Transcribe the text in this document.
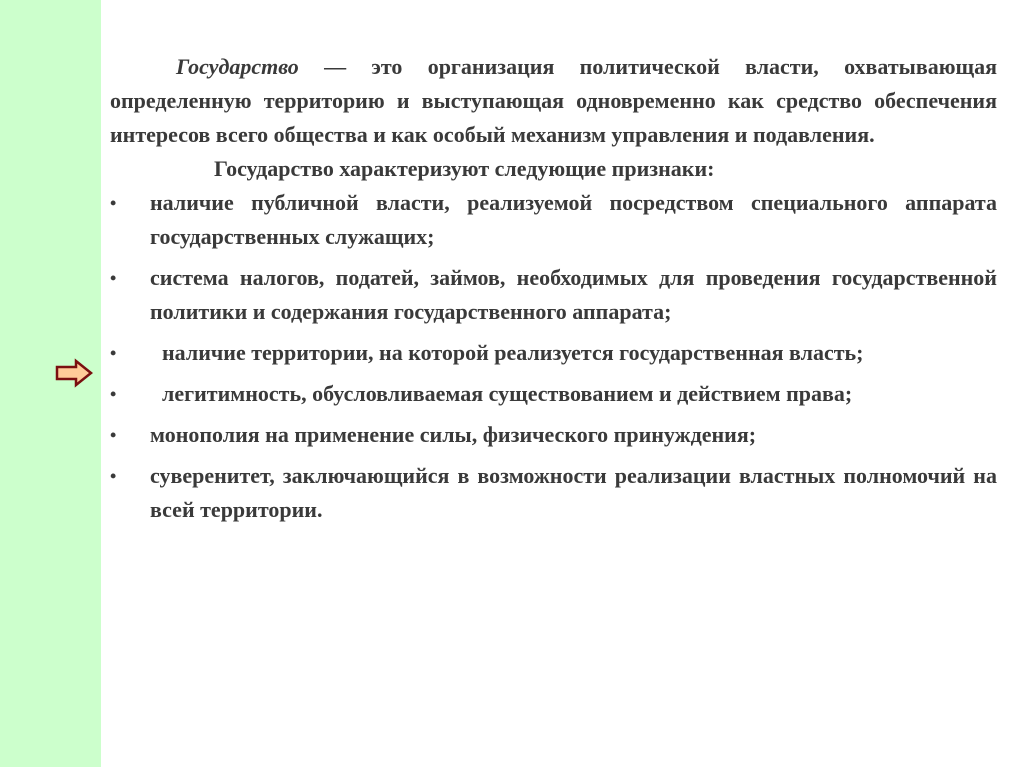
Государство — это организация политической власти, охватывающая определенную территорию и выступающая одновременно как средство обеспечения интересов всего общества и как особый механизм управления и подавления.

Государство характеризуют следующие признаки:

• наличие публичной власти, реализуемой посредством специального аппарата государственных служащих;
• система налогов, податей, займов, необходимых для проведения государственной политики и содержания государственного аппарата;
• наличие территории, на которой реализуется государственная власть;
• легитимность, обусловливаемая существованием и действием права;
• монополия на применение силы, физического принуждения;
• суверенитет, заключающийся в возможности реализации властных полномочий на всей территории.
